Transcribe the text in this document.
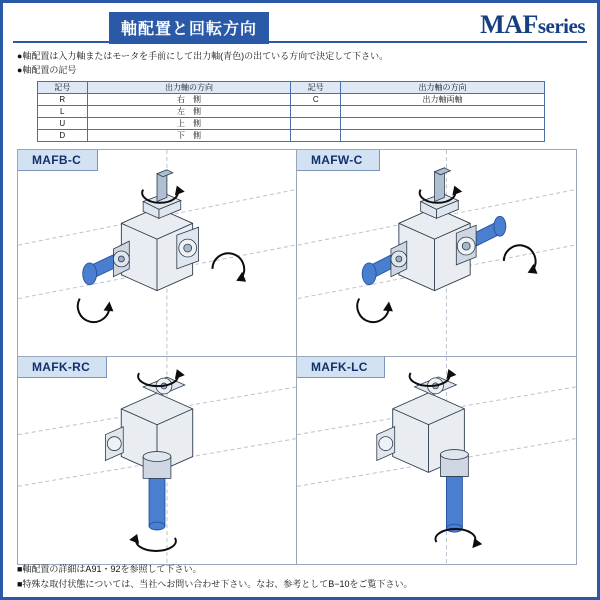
軸配置と回転方向	MAFseries
●軸配置は入力軸またはモータを手前にして出力軸(青色)の出ている方向で決定して下さい。
●軸配置の記号
記号	出力軸の方向	記号	出力軸の方向
R	右　側	C	出力軸両軸
L	左　側		
U	上　側		
D	下　側		
MAFB-C	MAFW-C
MAFK-RC	MAFK-LC
■軸配置の詳細はA91・92を参照して下さい。
■特殊な取付状態については、当社へお問い合わせ下さい。なお、参考としてB−10をご覧下さい。
